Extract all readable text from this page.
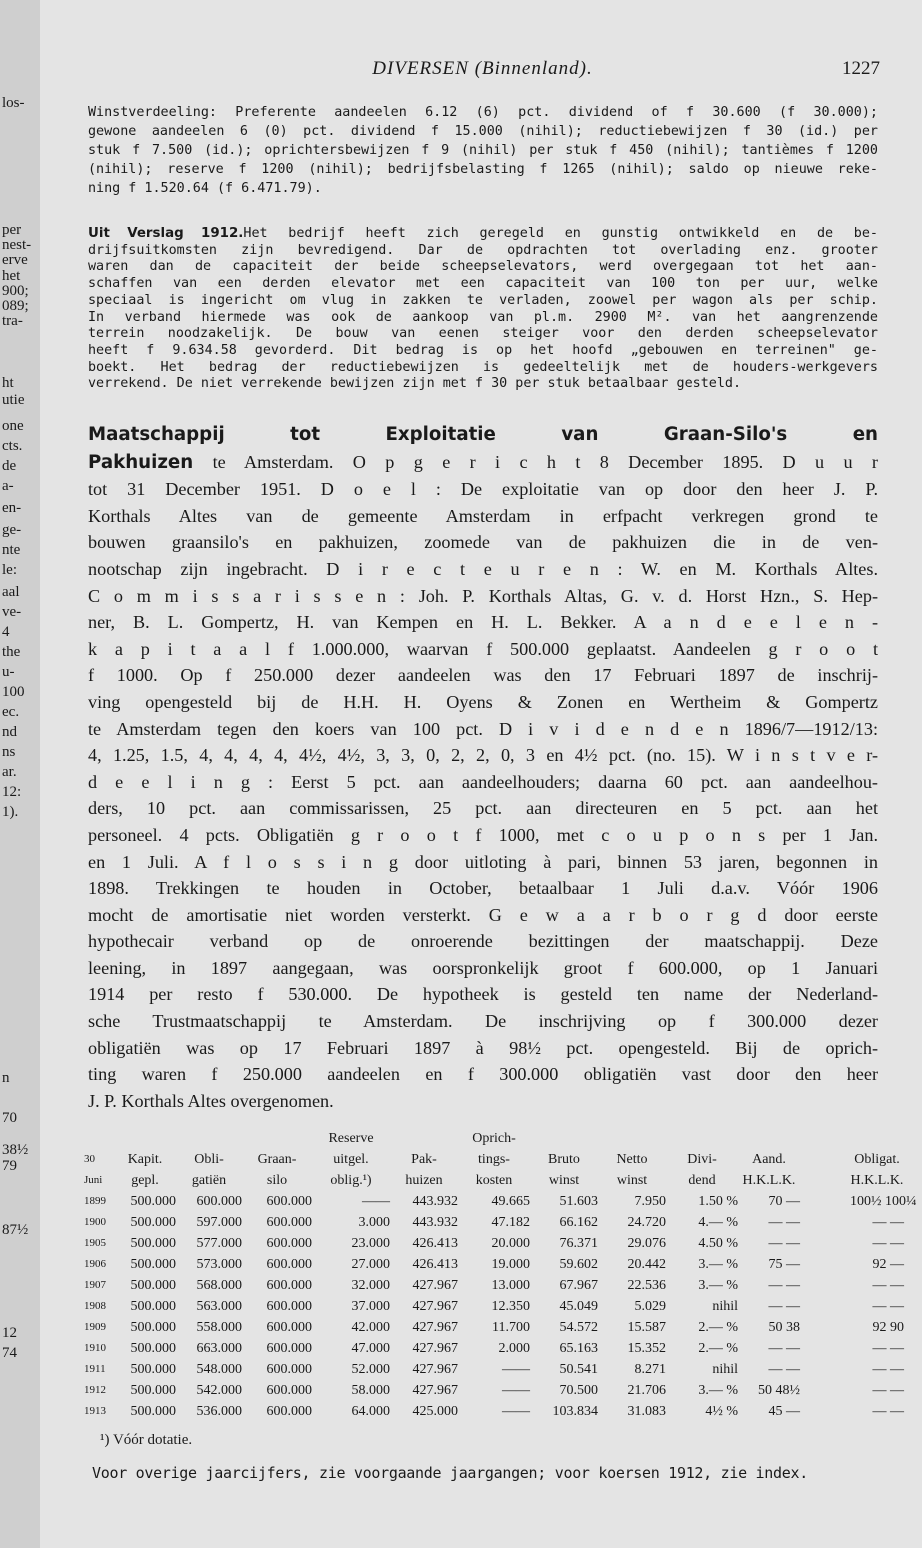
los-
per
nest-
erve
het
900;
089;
tra-
ht
utie
one
cts.
de
a-
en-
ge-
nte
le:
aal
ve-
4
the
u-
100
ec.
nd
ns
ar.
12:
1).
n
70
38½
79
87½
12
74
DIVERSEN (Binnenland).	1227
Winstverdeeling: Preferente aandeelen 6.12 (6) pct. dividend of f 30.600 (f 30.000);
gewone aandeelen 6 (0) pct. dividend f 15.000 (nihil); reductiebewijzen f 30 (id.) per
stuk f 7.500 (id.); oprichtersbewijzen f 9 (nihil) per stuk f 450 (nihil); tantièmes f 1200
(nihil); reserve f 1200 (nihil); bedrijfsbelasting f 1265 (nihil); saldo op nieuwe reke-
ning f 1.520.64 (f 6.471.79).
Uit Verslag 1912.Het bedrijf heeft zich geregeld en gunstig ontwikkeld en de be-
drijfsuitkomsten zijn bevredigend. Dar de opdrachten tot overlading enz. grooter
waren dan de capaciteit der beide scheepselevators, werd overgegaan tot het aan-
schaffen van een derden elevator met een capaciteit van 100 ton per uur, welke
speciaal is ingericht om vlug in zakken te verladen, zoowel per wagon als per schip.
In verband hiermede was ook de aankoop van pl.m. 2900 M². van het aangrenzende
terrein noodzakelijk. De bouw van eenen steiger voor den derden scheepselevator
heeft f 9.634.58 gevorderd. Dit bedrag is op het hoofd „gebouwen en terreinen" ge-
boekt. Het bedrag der reductiebewijzen is gedeeltelijk met de houders-werkgevers
verrekend. De niet verrekende bewijzen zijn met f 30 per stuk betaalbaar gesteld.
Maatschappij tot Exploitatie van Graan-Silo's en
Pakhuizen te Amsterdam. O p g e r i c h t 8 December 1895. D u u r
tot 31 December 1951. D o e l : De exploitatie van op door den heer J. P.
Korthals Altes van de gemeente Amsterdam in erfpacht verkregen grond te
bouwen graansilo's en pakhuizen, zoomede van de pakhuizen die in de ven-
nootschap zijn ingebracht. D i r e c t e u r e n : W. en M. Korthals Altes.
C o m m i s s a r i s s e n : Joh. P. Korthals Altas, G. v. d. Horst Hzn., S. Hep-
ner, B. L. Gompertz, H. van Kempen en H. L. Bekker. A a n d e e l e n -
k a p i t a a l f 1.000.000, waarvan f 500.000 geplaatst. Aandeelen g r o o t
f 1000. Op f 250.000 dezer aandeelen was den 17 Februari 1897 de inschrij-
ving opengesteld bij de H.H. H. Oyens & Zonen en Wertheim & Gompertz
te Amsterdam tegen den koers van 100 pct. D i v i d e n d e n 1896/7—1912/13:
4, 1.25, 1.5, 4, 4, 4, 4, 4½, 4½, 3, 3, 0, 2, 2, 0, 3 en 4½ pct. (no. 15). W i n s t v e r-
d e e l i n g : Eerst 5 pct. aan aandeelhouders; daarna 60 pct. aan aandeelhou-
ders, 10 pct. aan commissarissen, 25 pct. aan directeuren en 5 pct. aan het
personeel. 4 pcts. Obligatiën g r o o t f 1000, met c o u p o n s per 1 Jan.
en 1 Juli. A f l o s s i n g door uitloting à pari, binnen 53 jaren, begonnen in
1898. Trekkingen te houden in October, betaalbaar 1 Juli d.a.v. Vóór 1906
mocht de amortisatie niet worden versterkt. G e w a a r b o r g d door eerste
hypothecair verband op de onroerende bezittingen der maatschappij. Deze
leening, in 1897 aangegaan, was oorspronkelijk groot f 600.000, op 1 Januari
1914 per resto f 530.000. De hypotheek is gesteld ten name der Nederland-
sche Trustmaatschappij te Amsterdam. De inschrijving op f 300.000 dezer
obligatiën was op 17 Februari 1897 à 98½ pct. opengesteld. Bij de oprich-
ting waren f 250.000 aandeelen en f 300.000 obligatiën vast door den heer
J. P. Korthals Altes overgenomen.
Reserve	Oprich-
30	Kapit.	Obli-	Graan-	uitgel.	Pak-	tings-	Bruto	Netto	Divi-	Aand.	Obligat.
Juni	gepl.	gatiën	silo	oblig.¹)	huizen	kosten	winst	winst	dend	H.K.L.K.	H.K.L.K.
1899	500.000	600.000	600.000	——	443.932	49.665	51.603	7.950	1.50 %	70 —	100½ 100¼
1900	500.000	597.000	600.000	3.000	443.932	47.182	66.162	24.720	4.— %	— —	— —
1905	500.000	577.000	600.000	23.000	426.413	20.000	76.371	29.076	4.50 %	— —	— —
1906	500.000	573.000	600.000	27.000	426.413	19.000	59.602	20.442	3.— %	75 —	92 —
1907	500.000	568.000	600.000	32.000	427.967	13.000	67.967	22.536	3.— %	— —	— —
1908	500.000	563.000	600.000	37.000	427.967	12.350	45.049	5.029	nihil	— —	— —
1909	500.000	558.000	600.000	42.000	427.967	11.700	54.572	15.587	2.— %	50 38	92 90
1910	500.000	663.000	600.000	47.000	427.967	2.000	65.163	15.352	2.— %	— —	— —
1911	500.000	548.000	600.000	52.000	427.967	——	50.541	8.271	nihil	— —	— —
1912	500.000	542.000	600.000	58.000	427.967	——	70.500	21.706	3.— %	50 48½	— —
1913	500.000	536.000	600.000	64.000	425.000	——	103.834	31.083	4½ %	45 —	— —
¹) Vóór dotatie.
Voor overige jaarcijfers, zie voorgaande jaargangen; voor koersen 1912, zie index.
